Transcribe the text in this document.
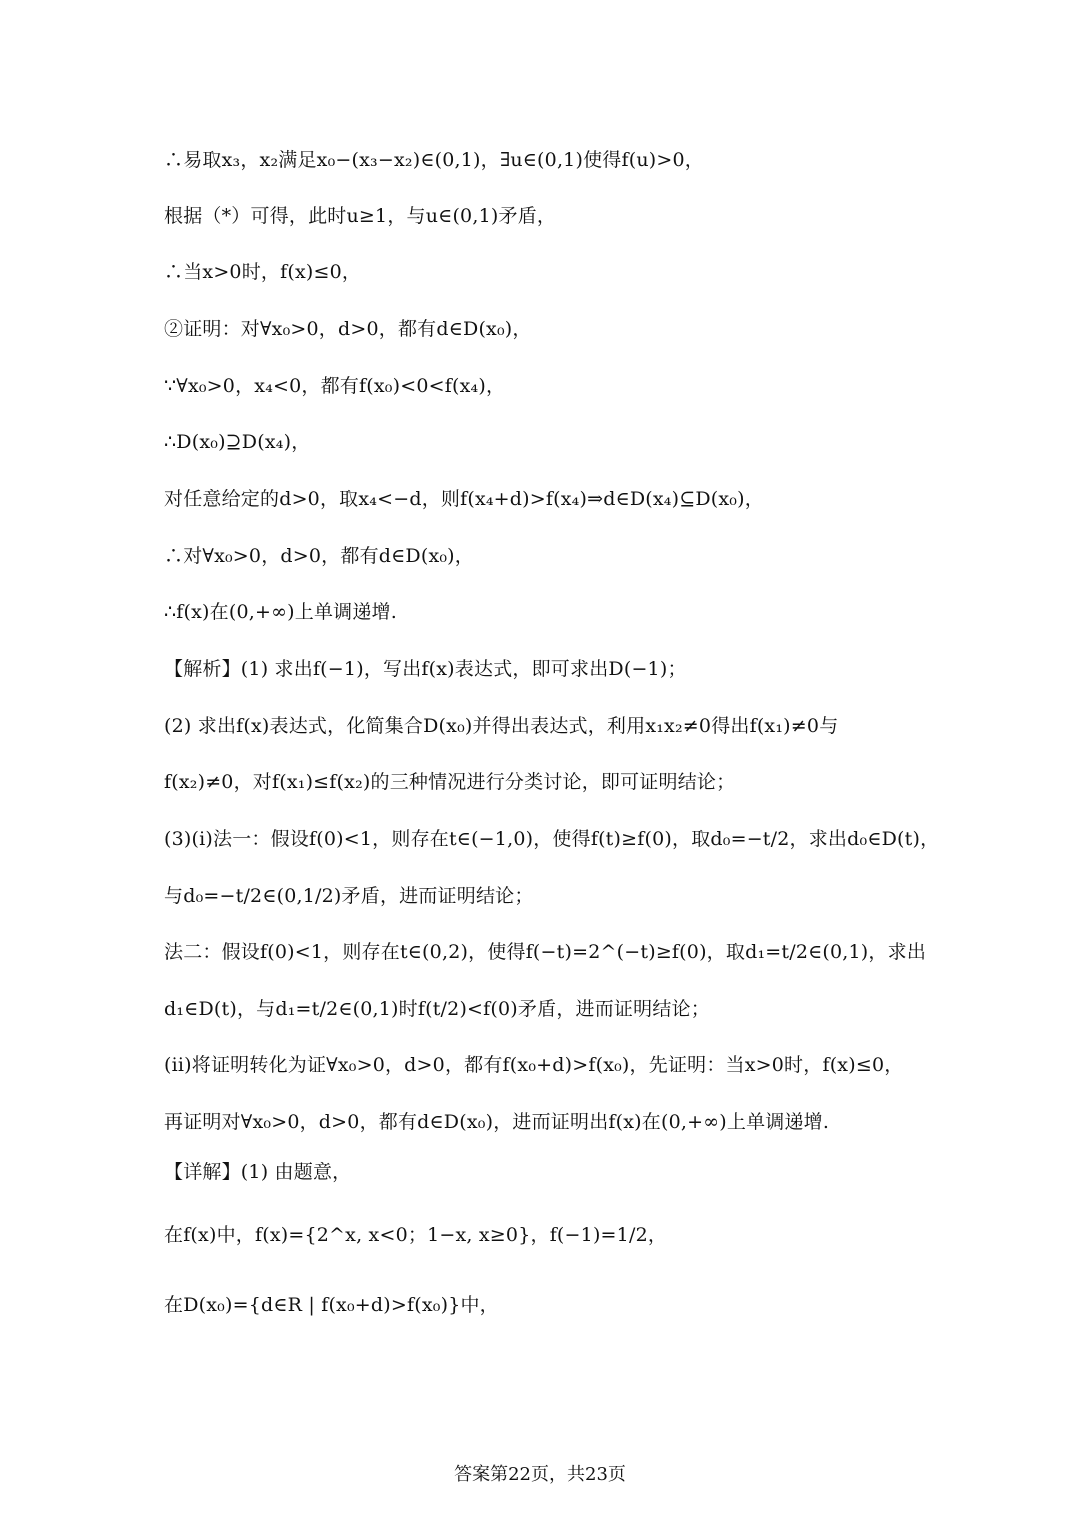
∴易取x₃，x₂满足x₀−(x₃−x₂)∈(0,1)，∃u∈(0,1)使得f(u)>0，
根据（*）可得，此时u≥1，与u∈(0,1)矛盾，
∴当x>0时，f(x)≤0，
②证明：对∀x₀>0，d>0，都有d∈D(x₀)，
∵∀x₀>0，x₄<0，都有f(x₀)<0<f(x₄)，
∴D(x₀)⊇D(x₄)，
对任意给定的d>0，取x₄<−d，则f(x₄+d)>f(x₄)⇒d∈D(x₄)⊆D(x₀)，
∴对∀x₀>0，d>0，都有d∈D(x₀)，
∴f(x)在(0,+∞)上单调递增.
【解析】(1) 求出f(−1)，写出f(x)表达式，即可求出D(−1)；
(2) 求出f(x)表达式，化简集合D(x₀)并得出表达式，利用x₁x₂≠0得出f(x₁)≠0与
f(x₂)≠0，对f(x₁)≤f(x₂)的三种情况进行分类讨论，即可证明结论；
(3)(i)法一：假设f(0)<1，则存在t∈(−1,0)，使得f(t)≥f(0)，取d₀=−t/2，求出d₀∈D(t)，
与d₀=−t/2∈(0,1/2)矛盾，进而证明结论；
法二：假设f(0)<1，则存在t∈(0,2)，使得f(−t)=2^(−t)≥f(0)，取d₁=t/2∈(0,1)，求出
d₁∈D(t)，与d₁=t/2∈(0,1)时f(t/2)<f(0)矛盾，进而证明结论；
(ii)将证明转化为证∀x₀>0，d>0，都有f(x₀+d)>f(x₀)，先证明：当x>0时，f(x)≤0，
再证明对∀x₀>0，d>0，都有d∈D(x₀)，进而证明出f(x)在(0,+∞)上单调递增.
【详解】(1) 由题意，
在f(x)中，f(x)={2^x, x<0；1−x, x≥0}，f(−1)=1/2，
在D(x₀)={d∈R | f(x₀+d)>f(x₀)}中，
答案第22页，共23页
